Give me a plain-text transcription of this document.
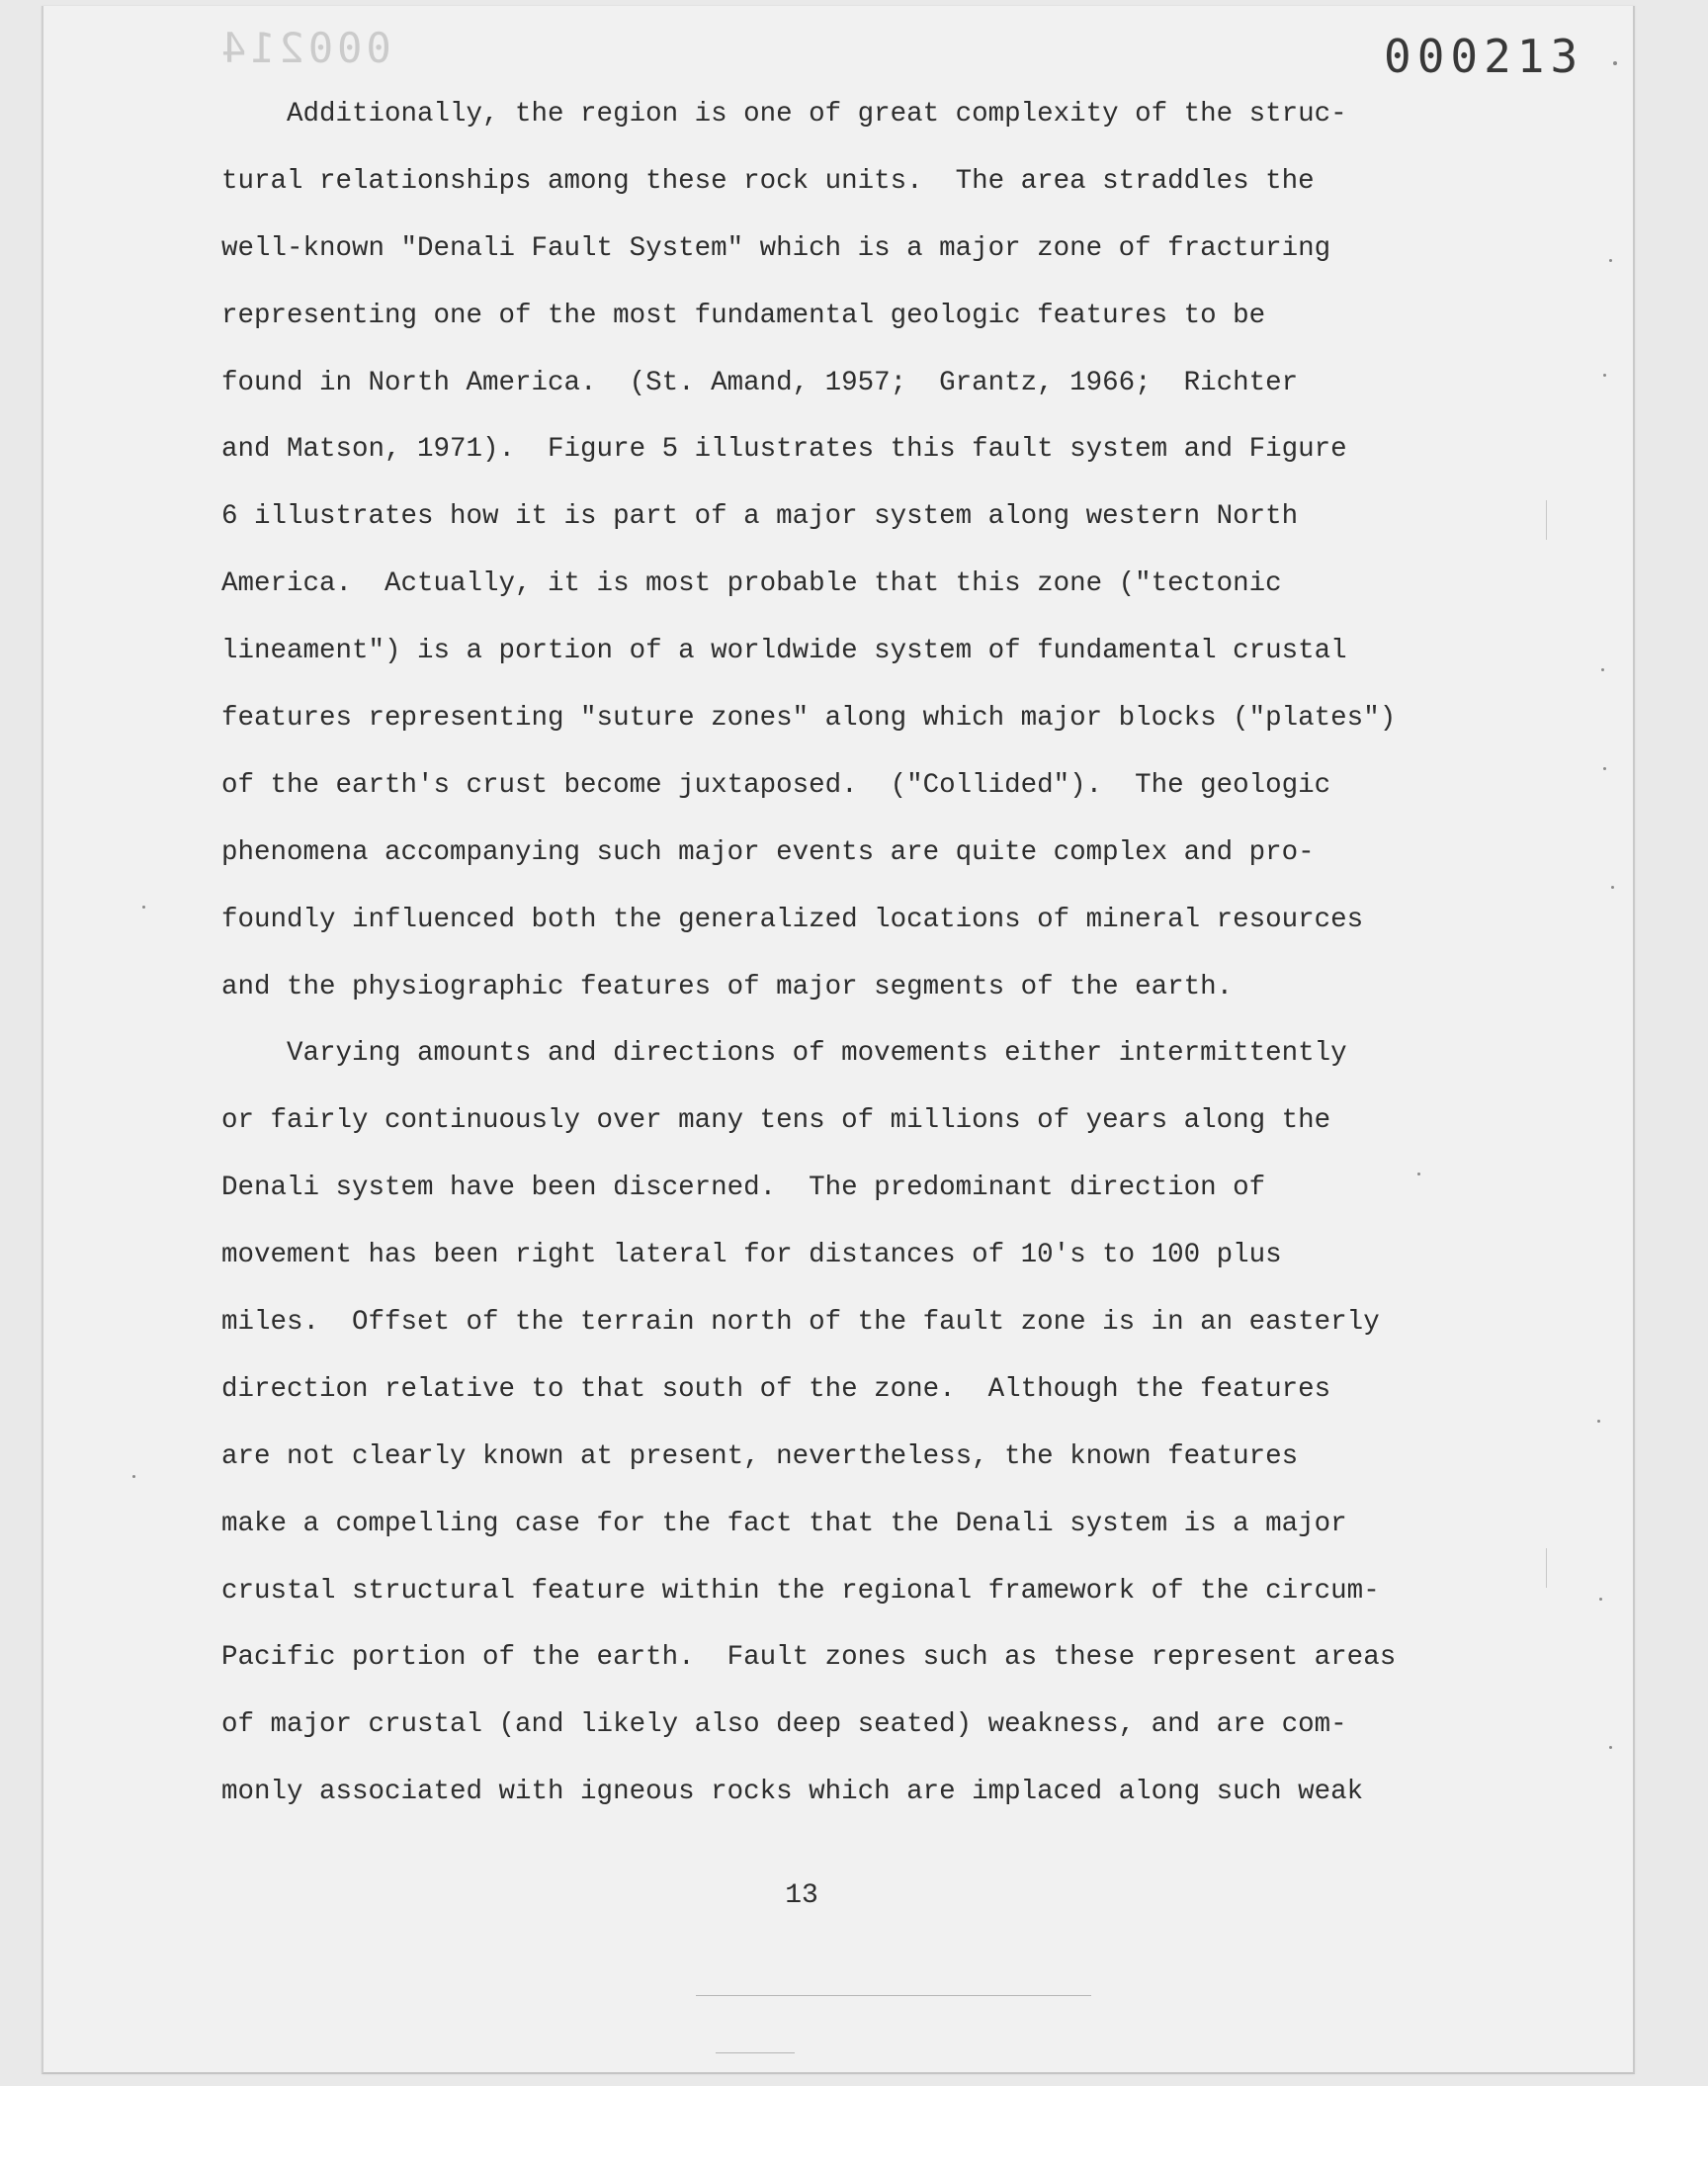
000214	000213
Additionally, the region is one of great complexity of the struc-
tural relationships among these rock units.  The area straddles the
well-known "Denali Fault System" which is a major zone of fracturing
representing one of the most fundamental geologic features to be
found in North America.  (St. Amand, 1957;  Grantz, 1966;  Richter
and Matson, 1971).  Figure 5 illustrates this fault system and Figure
6 illustrates how it is part of a major system along western North
America.  Actually, it is most probable that this zone ("tectonic
lineament") is a portion of a worldwide system of fundamental crustal
features representing "suture zones" along which major blocks ("plates")
of the earth's crust become juxtaposed.  ("Collided").  The geologic
phenomena accompanying such major events are quite complex and pro-
foundly influenced both the generalized locations of mineral resources
and the physiographic features of major segments of the earth.
Varying amounts and directions of movements either intermittently
or fairly continuously over many tens of millions of years along the
Denali system have been discerned.  The predominant direction of
movement has been right lateral for distances of 10's to 100 plus
miles.  Offset of the terrain north of the fault zone is in an easterly
direction relative to that south of the zone.  Although the features
are not clearly known at present, nevertheless, the known features
make a compelling case for the fact that the Denali system is a major
crustal structural feature within the regional framework of the circum-
Pacific portion of the earth.  Fault zones such as these represent areas
of major crustal (and likely also deep seated) weakness, and are com-
monly associated with igneous rocks which are implaced along such weak
13
